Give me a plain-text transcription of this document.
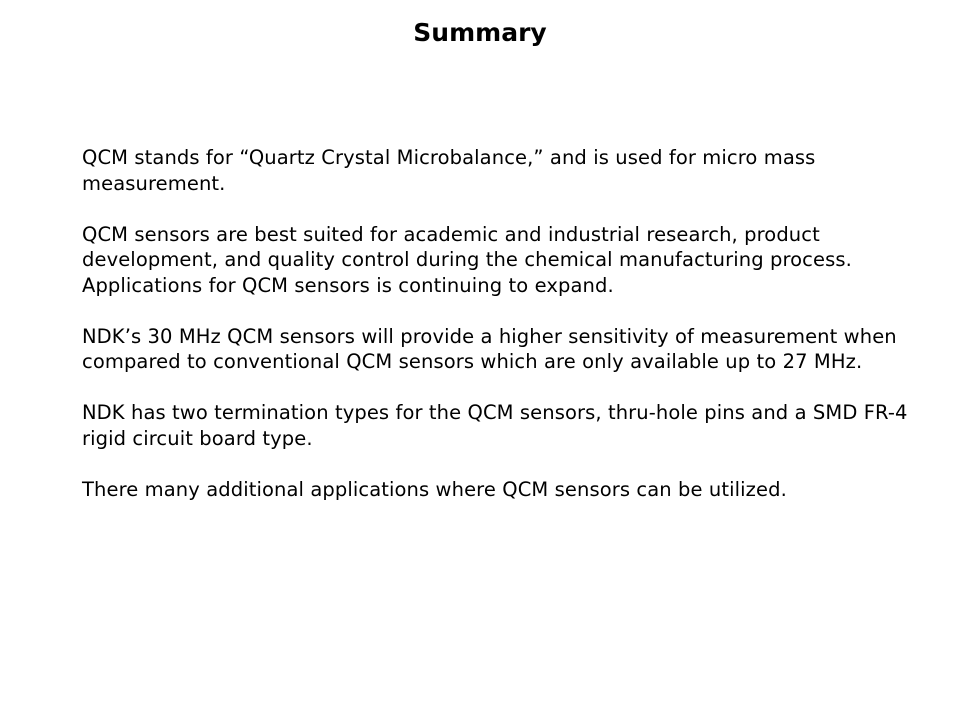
Summary

QCM stands for “Quartz Crystal Microbalance,” and is used for micro mass measurement.

QCM sensors are best suited for academic and industrial research, product development, and quality control during the chemical manufacturing process. Applications for QCM sensors is continuing to expand.

NDK’s 30 MHz QCM sensors will provide a higher sensitivity of measurement when compared to conventional QCM sensors which are only available up to 27 MHz.

NDK has two termination types for the QCM sensors, thru-hole pins and a SMD FR-4 rigid circuit board type.

There many additional applications where QCM sensors can be utilized.
